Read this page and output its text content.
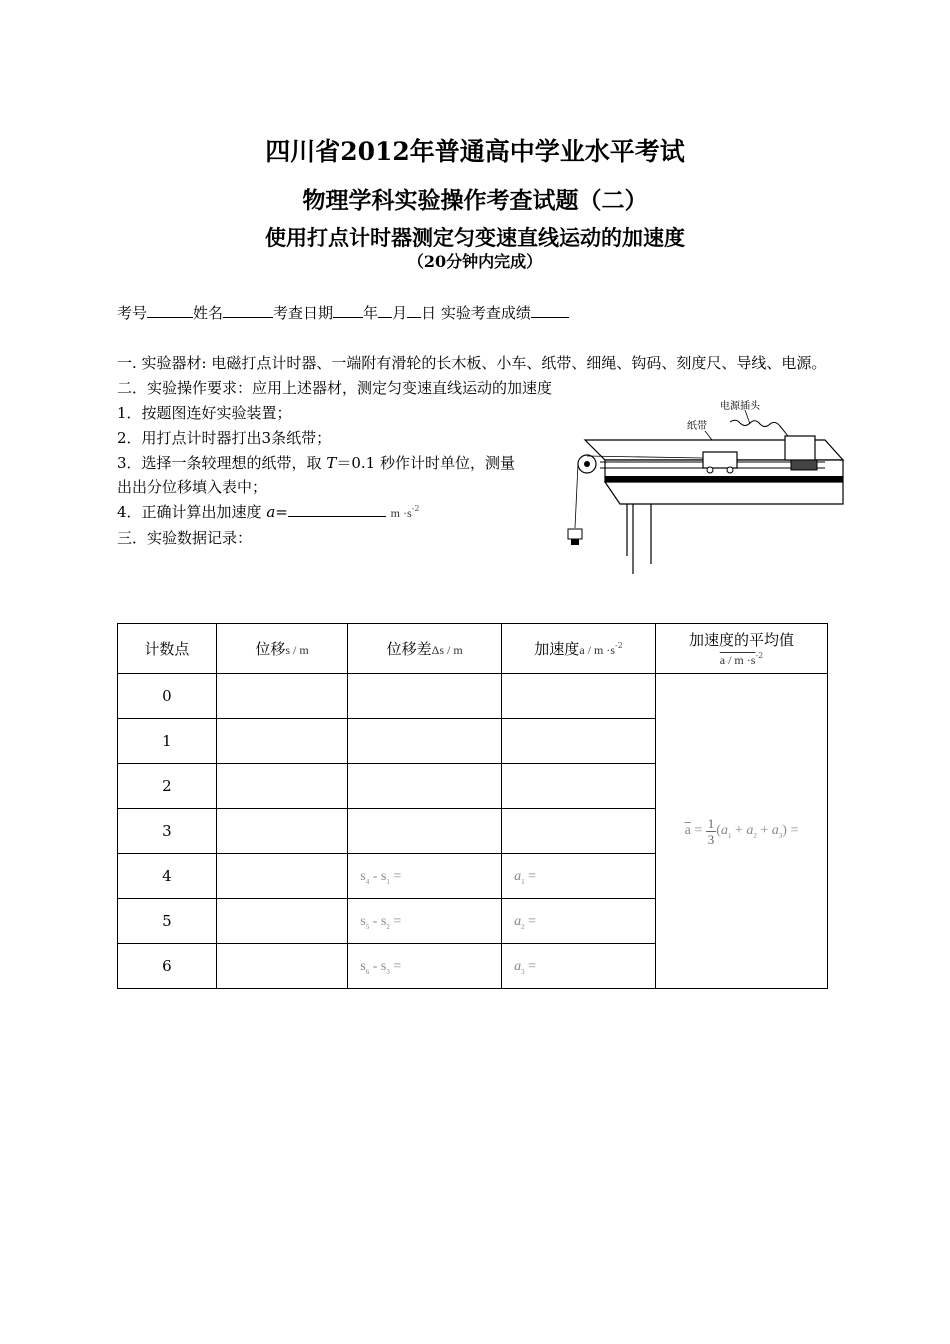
四川省2012年普通高中学业水平考试
物理学科实验操作考查试题（二）
使用打点计时器测定匀变速直线运动的加速度
（20分钟内完成）
考号	姓名	考查日期 年 月 日 实验考查成绩
一. 实验器材: 电磁打点计时器、一端附有滑轮的长木板、小车、纸带、细绳、钩码、刻度尺、导线、电源。
二．实验操作要求：应用上述器材，测定匀变速直线运动的加速度
1．按题图连好实验装置；
2．用打点计时器打出3条纸带；
3．选择一条较理想的纸带，取 T＝0.1 秒作计时单位，测量
出出分位移填入表中；
4．正确计算出加速度 a=	$m \cdot s^{-2}$
三．实验数据记录：
电源插头
纸带
计数点	位移s / m	位移差Δs / m	加速度$a / m \cdot s^{-2}$	加速度的平均值
$a / m \cdot s^{-2}$

0				$\overline{a} = \frac{1}{3} (a_1 + a_2 + a_3)$ =
1				
2				
3				
4		$s_4 - s_1$ =	$a_1$ =	
5		$s_5 - s_2$ =	$a_2$ =	
6		$s_6 - s_3$ =	$a_3$ =	
